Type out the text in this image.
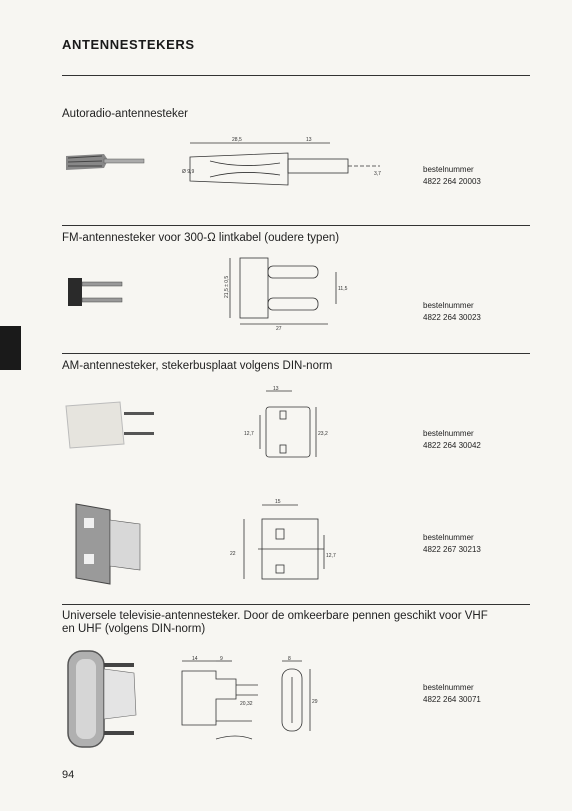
ANTENNESTEKERS
Autoradio-antennesteker
28,5	13
Ø 9,9	3,7	bestelnummer
4822 264 20003
FM-antennesteker voor 300-Ω lintkabel (oudere typen)
21,5 ± 0,5	11,5
27
bestelnummer
4822 264 30023
AM-antennesteker, stekerbusplaat volgens DIN-norm
13
12,7	23,2	bestelnummer
4822 264 30042
15
22	12,7
bestelnummer
4822 267 30213
Universele televisie-antennesteker. Door de omkeerbare pennen geschikt voor VHF
en UHF (volgens DIN-norm)
14	9
20,32
8
29
bestelnummer
4822 264 30071
94
